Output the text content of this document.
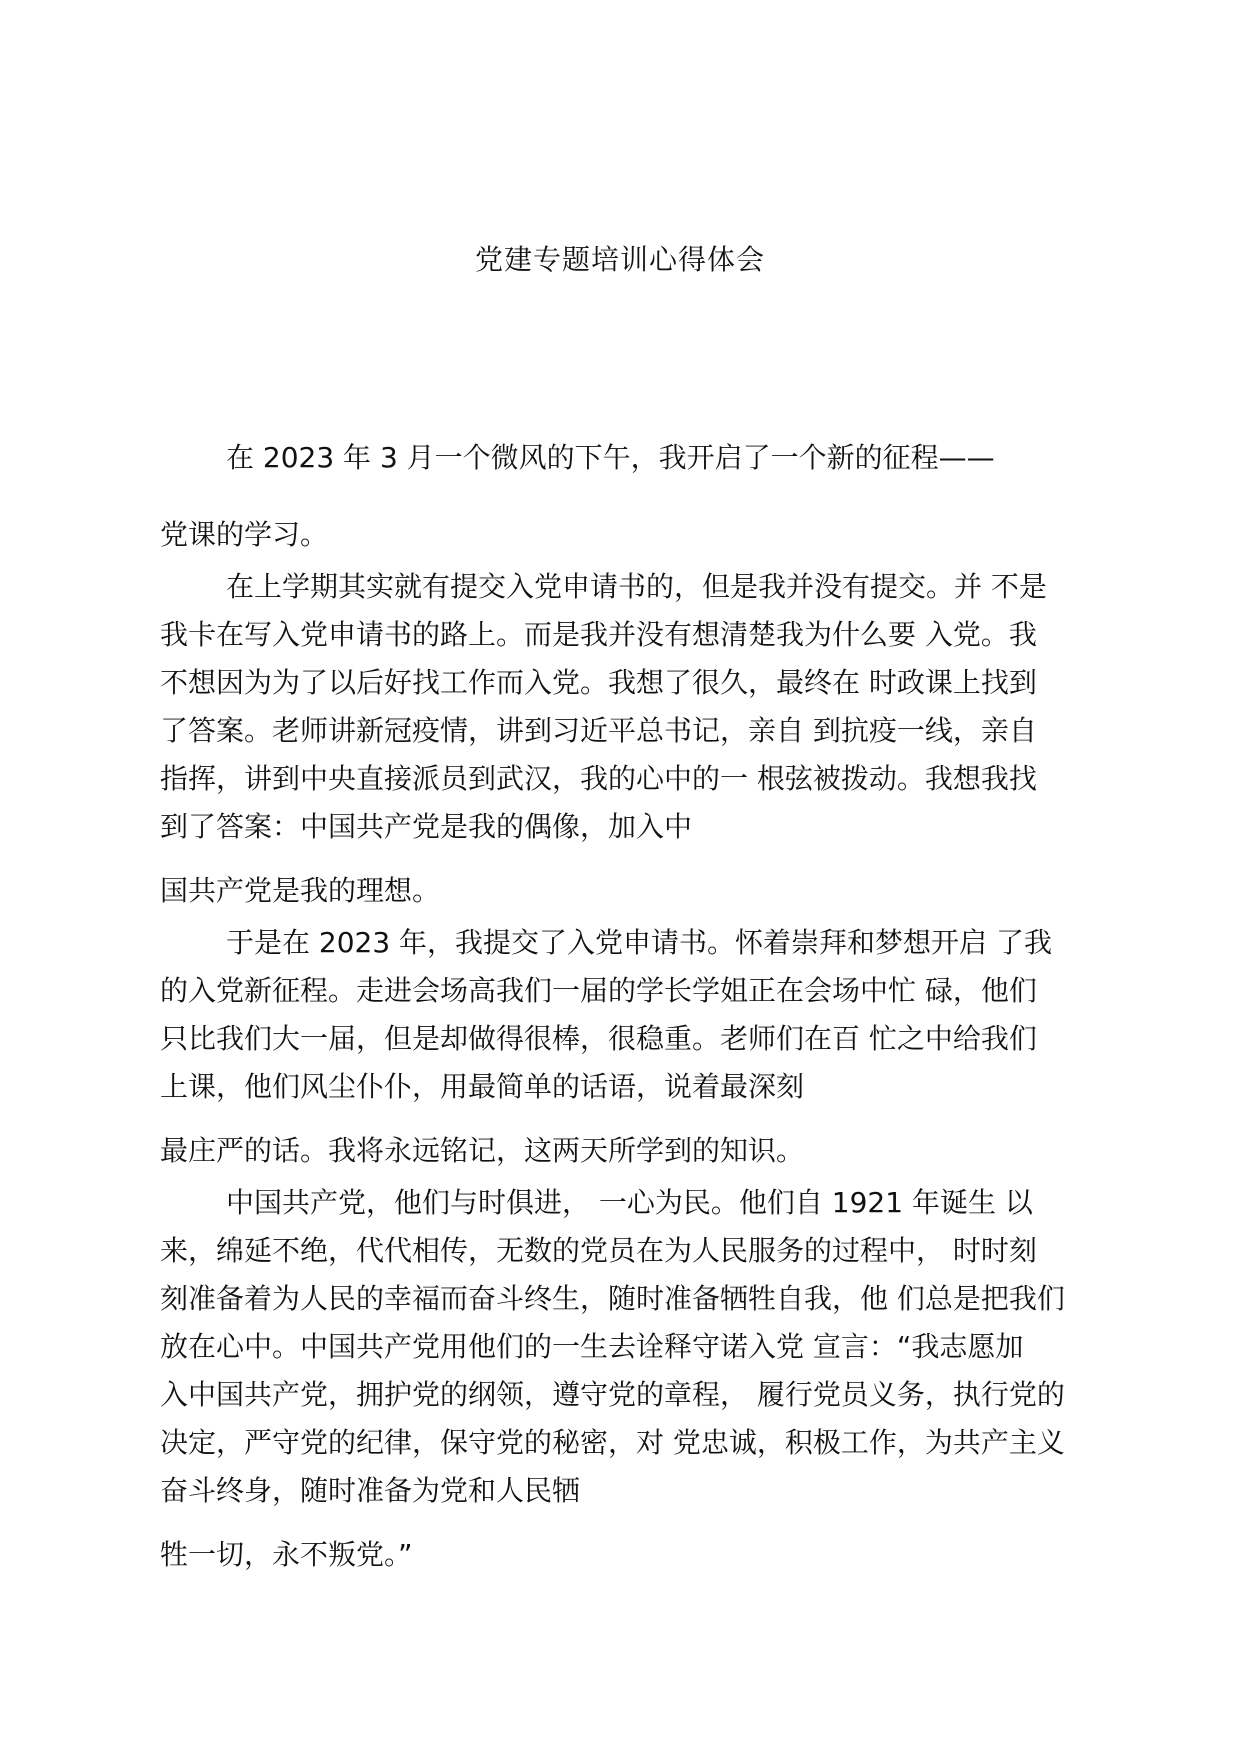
党建专题培训心得体会
在 2023 年 3 月一个微风的下午，我开启了一个新的征程——
党课的学习。
在上学期其实就有提交入党申请书的，但是我并没有提交。并 不是
我卡在写入党申请书的路上。而是我并没有想清楚我为什么要 入党。我
不想因为为了以后好找工作而入党。我想了很久，最终在 时政课上找到
了答案。老师讲新冠疫情，讲到习近平总书记，亲自 到抗疫一线，亲自
指挥，讲到中央直接派员到武汉，我的心中的一 根弦被拨动。我想我找
到了答案：中国共产党是我的偶像，加入中
国共产党是我的理想。
于是在 2023 年，我提交了入党申请书。怀着崇拜和梦想开启 了我
的入党新征程。走进会场高我们一届的学长学姐正在会场中忙 碌，他们
只比我们大一届，但是却做得很棒，很稳重。老师们在百 忙之中给我们
上课，他们风尘仆仆，用最简单的话语，说着最深刻
最庄严的话。我将永远铭记，这两天所学到的知识。
中国共产党，他们与时俱进， 一心为民。他们自 1921 年诞生 以
来，绵延不绝，代代相传，无数的党员在为人民服务的过程中， 时时刻
刻准备着为人民的幸福而奋斗终生，随时准备牺牲自我，他 们总是把我们
放在心中。中国共产党用他们的一生去诠释守诺入党 宣言：“我志愿加
入中国共产党，拥护党的纲领，遵守党的章程， 履行党员义务，执行党的
决定，严守党的纪律，保守党的秘密，对 党忠诚，积极工作，为共产主义
奋斗终身，随时准备为党和人民牺
牲一切，永不叛党。”
